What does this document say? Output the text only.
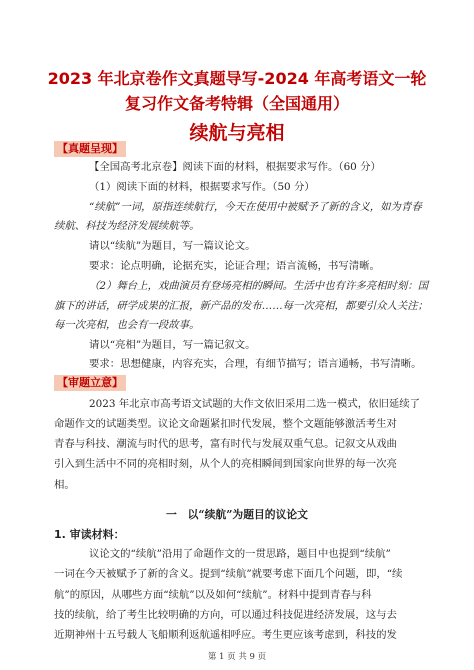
2023 年北京卷作文真题导写-2024 年高考语文一轮
复习作文备考特辑（全国通用）
续航与亮相
【真题呈现】
【全国高考北京卷】阅读下面的材料，根据要求写作。（60 分）
（1）阅读下面的材料，根据要求写作。（50 分）
“续航”一词，原指连续航行，今天在使用中被赋予了新的含义，如为青春
续航、科技为经济发展续航等。
请以“续航”为题目，写一篇议论文。
要求：论点明确，论据充实，论证合理；语言流畅，书写清晰。
（2）舞台上，戏曲演员有登场亮相的瞬间。生活中也有许多亮相时刻：国
旗下的讲话，研学成果的汇报，新产品的发布……每一次亮相，都要引众人关注；
每一次亮相，也会有一段故事。
请以“亮相”为题目，写一篇记叙文。
要求：思想健康，内容充实，合理，有细节描写；语言通畅，书写清晰。
【审题立意】
2023 年北京市高考语文试题的大作文依旧采用二选一模式，依旧延续了
命题作文的试题类型。议论文命题紧扣时代发展，整个文题能够激活考生对
青春与科技、潮流与时代的思考，富有时代与发展双重气息。记叙文从戏曲
引入到生活中不同的亮相时刻，从个人的亮相瞬间到国家向世界的每一次亮
相。
一　以“续航”为题目的议论文
1. 审读材料：
议论文的“续航”沿用了命题作文的一贯思路，题目中也提到“续航”
一词在今天被赋予了新的含义。提到“续航”就要考虑下面几个问题，即，“续
航”的原因，从哪些方面“续航”以及如何“续航”。材料中提到青春与科
技的续航，给了考生比较明确的方向，可以通过科技促进经济发展，这与去
近期神州十五号载人飞船顺利返航遥相呼应。考生更应该考虑到，科技的发
第 1 页 共 9 页
